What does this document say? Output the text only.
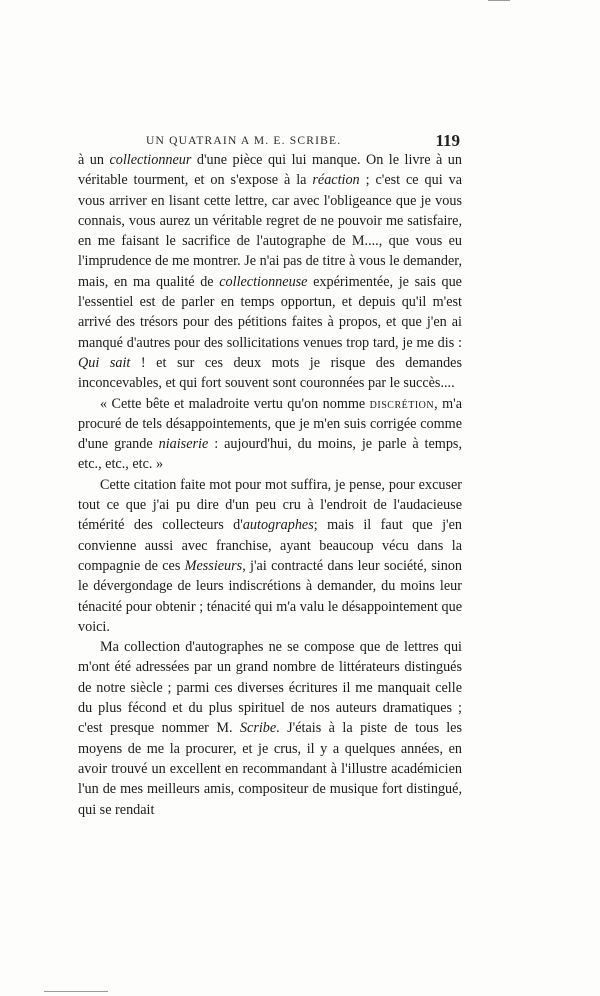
UN QUATRAIN A M. E. SCRIBE.	119

à un collectionneur d'une pièce qui lui manque. On le livre à un véritable tourment, et on s'expose à la réaction ; c'est ce qui va vous arriver en lisant cette lettre, car avec l'obligeance que je vous connais, vous aurez un véritable regret de ne pouvoir me satisfaire, en me faisant le sacrifice de l'autographe de M...., que vous eu l'imprudence de me montrer. Je n'ai pas de titre à vous le demander, mais, en ma qualité de collectionneuse expérimentée, je sais que l'essentiel est de parler en temps opportun, et depuis qu'il m'est arrivé des trésors pour des pétitions faites à propos, et que j'en ai manqué d'autres pour des sollicitations venues trop tard, je me dis : Qui sait ! et sur ces deux mots je risque des demandes inconcevables, et qui fort souvent sont couronnées par le succès....

« Cette bête et maladroite vertu qu'on nomme discrétion, m'a procuré de tels désappointements, que je m'en suis corrigée comme d'une grande niaiserie : aujourd'hui, du moins, je parle à temps, etc., etc., etc. »

Cette citation faite mot pour mot suffira, je pense, pour excuser tout ce que j'ai pu dire d'un peu cru à l'endroit de l'audacieuse témérité des collecteurs d'autographes; mais il faut que j'en convienne aussi avec franchise, ayant beaucoup vécu dans la compagnie de ces Messieurs, j'ai contracté dans leur société, sinon le dévergondage de leurs indiscrétions à demander, du moins leur ténacité pour obtenir ; ténacité qui m'a valu le désappointement que voici.

Ma collection d'autographes ne se compose que de lettres qui m'ont été adressées par un grand nombre de littérateurs distingués de notre siècle ; parmi ces diverses écritures il me manquait celle du plus fécond et du plus spirituel de nos auteurs dramatiques ; c'est presque nommer M. Scribe. J'étais à la piste de tous les moyens de me la procurer, et je crus, il y a quelques années, en avoir trouvé un excellent en recommandant à l'illustre académicien l'un de mes meilleurs amis, compositeur de musique fort distingué, qui se rendait
